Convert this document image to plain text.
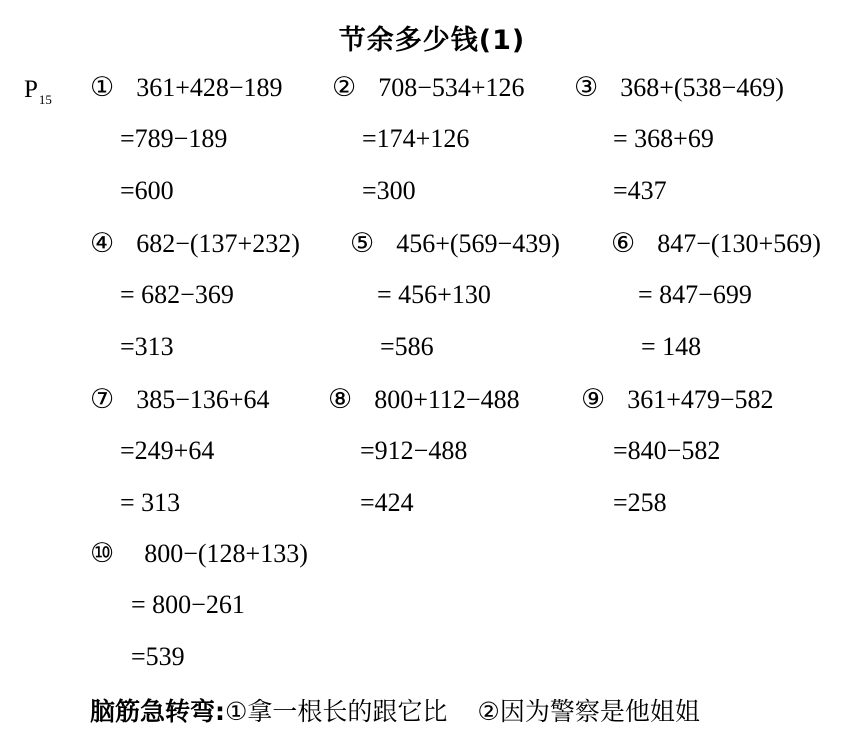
节余多少钱(1)
$P_{15}$ ① 361+428−189
=789−189
=600
② 708−534+126
=174+126
=300
③ 368+(538−469)
= 368+69
=437
④ 682−(137+232)
= 682−369
=313
⑤ 456+(569−439)
= 456+130
=586
⑥ 847−(130+569)
= 847−699
= 148
⑦ 385−136+64
=249+64
= 313
⑧ 800+112−488
=912−488
=424
⑨ 361+479−582
=840−582
=258
⑩ 800−(128+133)
= 800−261
=539
脑筋急转弯:①拿一根长的跟它比 ②因为警察是他姐姐
